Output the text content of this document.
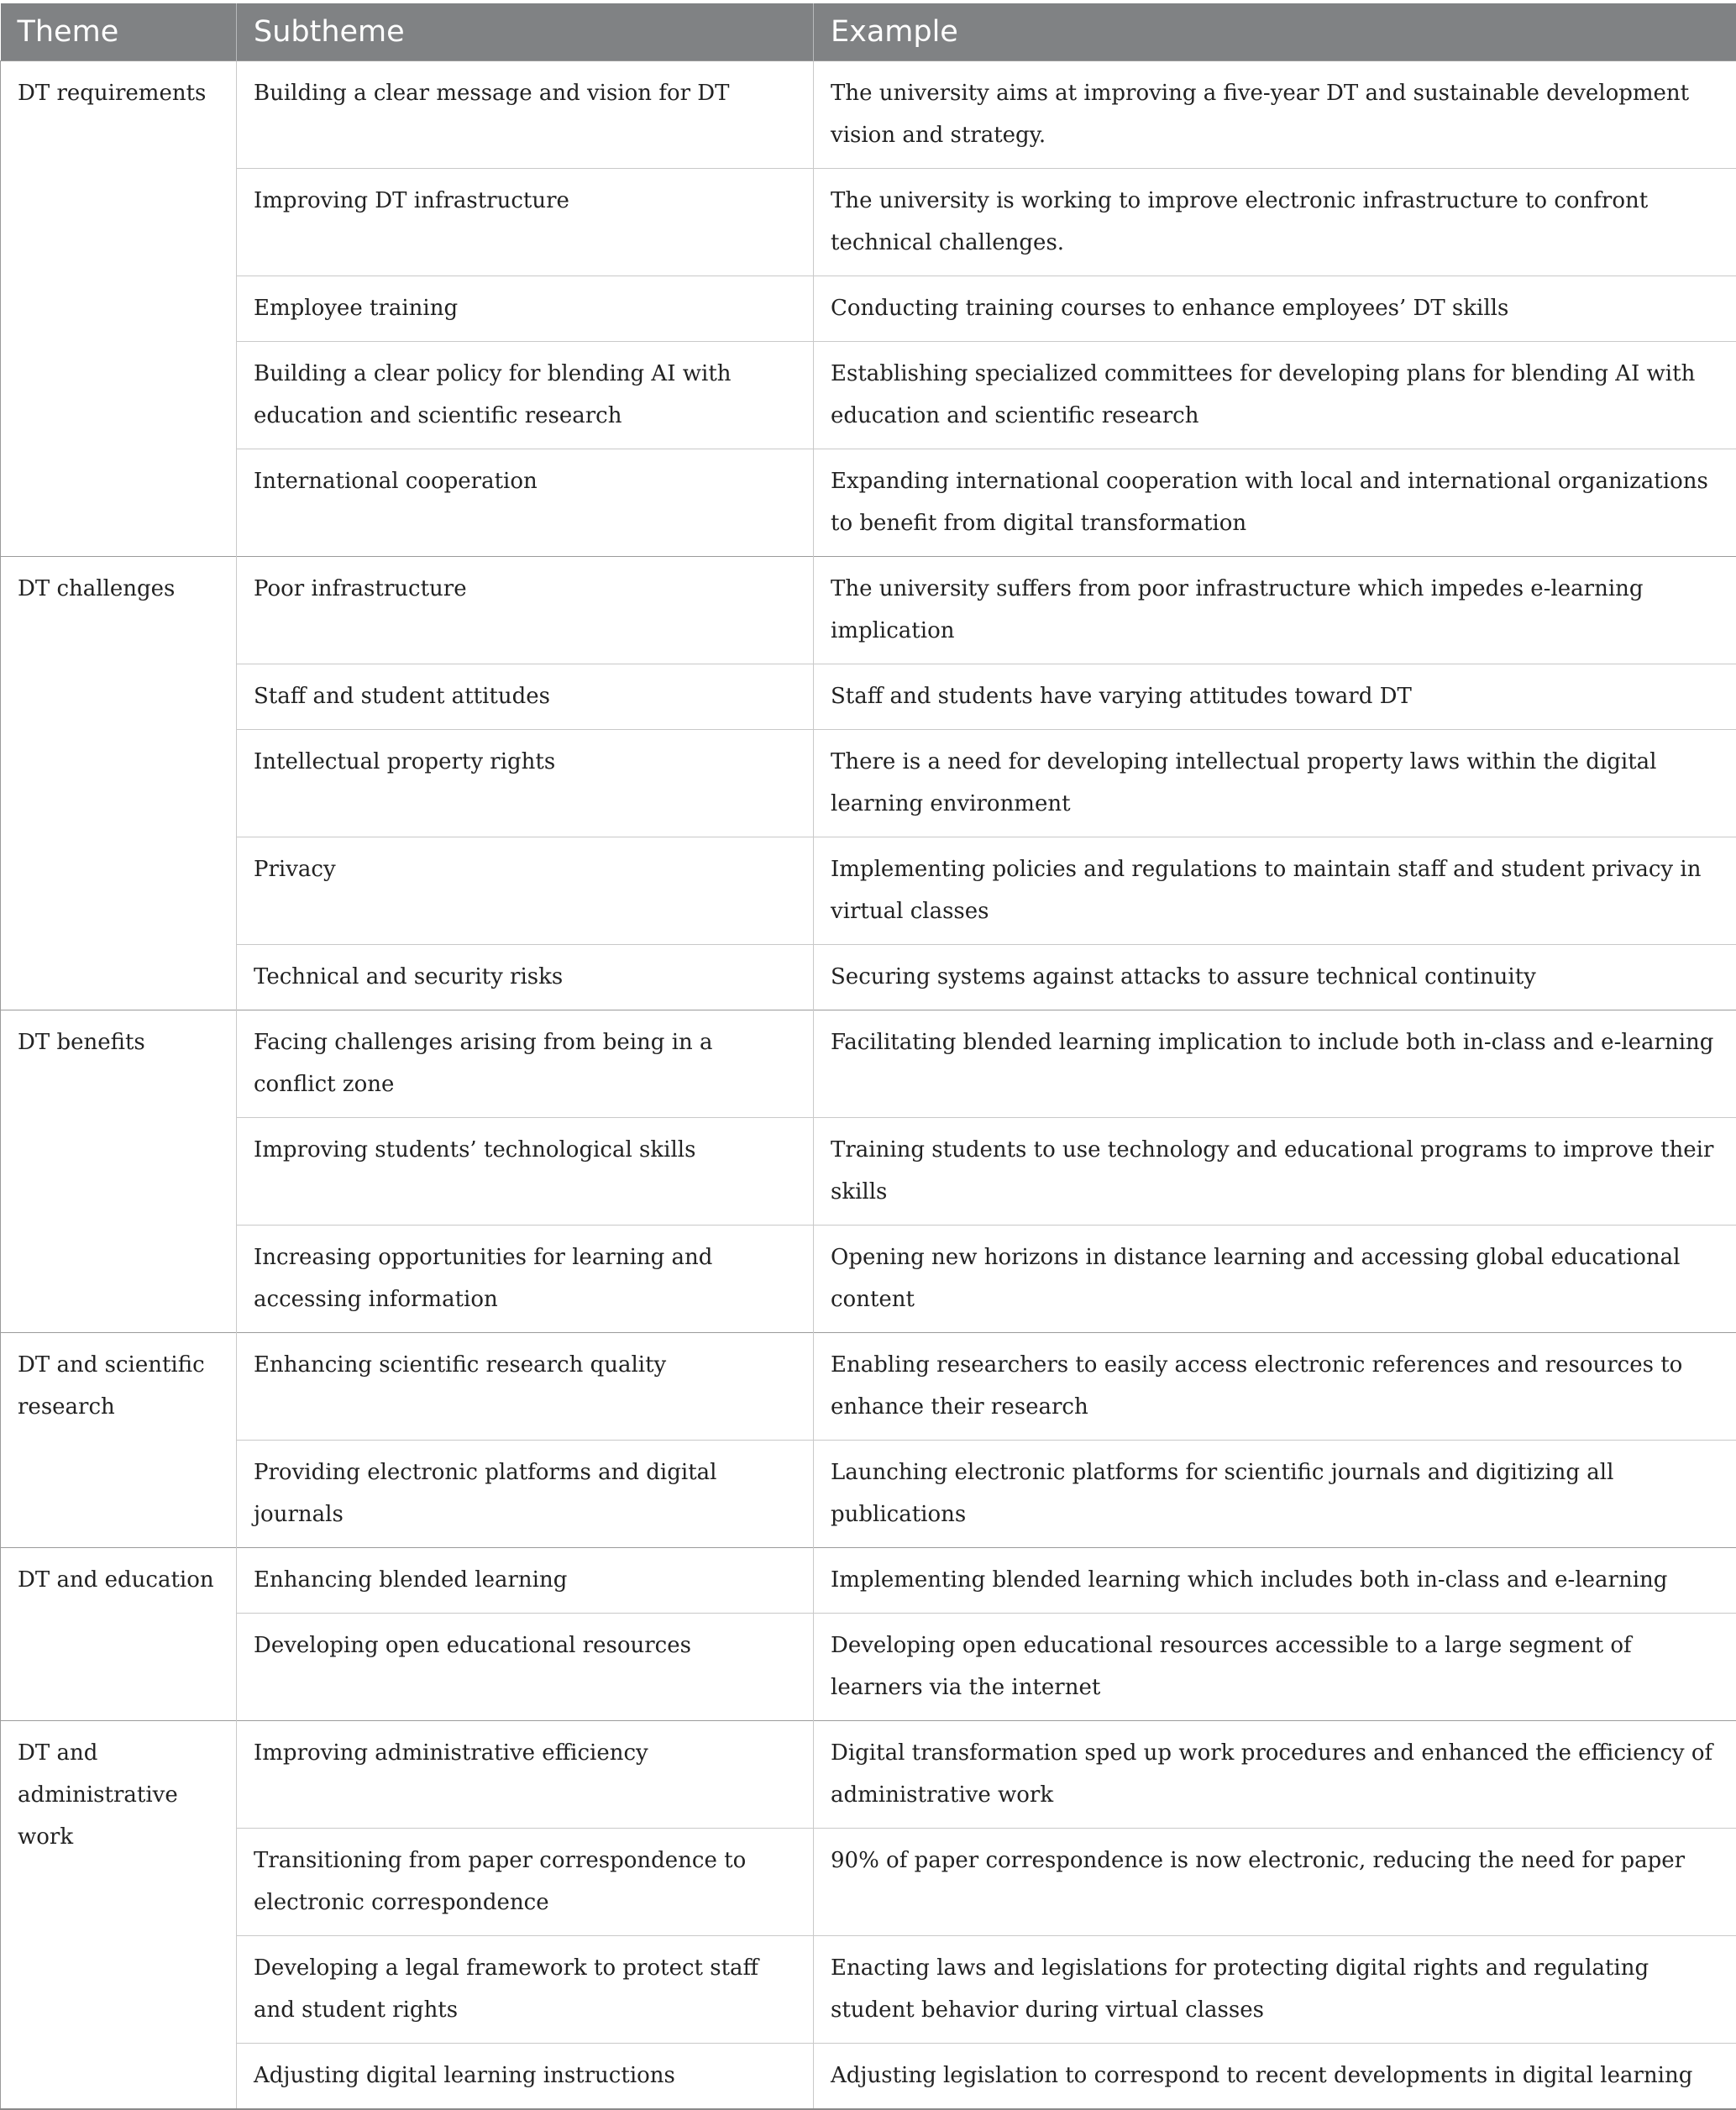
Theme	Subtheme	Example
DT requirements	Building a clear message and vision for DT	The university aims at improving a five-year DT and sustainable development vision and strategy.
	Improving DT infrastructure	The university is working to improve electronic infrastructure to confront technical challenges.
	Employee training	Conducting training courses to enhance employees’ DT skills
	Building a clear policy for blending AI with education and scientific research	Establishing specialized committees for developing plans for blending AI with education and scientific research
	International cooperation	Expanding international cooperation with local and international organizations to benefit from digital transformation
DT challenges	Poor infrastructure	The university suffers from poor infrastructure which impedes e-learning implication
	Staff and student attitudes	Staff and students have varying attitudes toward DT
	Intellectual property rights	There is a need for developing intellectual property laws within the digital learning environment
	Privacy	Implementing policies and regulations to maintain staff and student privacy in virtual classes
	Technical and security risks	Securing systems against attacks to assure technical continuity
DT benefits	Facing challenges arising from being in a conflict zone	Facilitating blended learning implication to include both in-class and e-learning
	Improving students’ technological skills	Training students to use technology and educational programs to improve their skills
	Increasing opportunities for learning and accessing information	Opening new horizons in distance learning and accessing global educational content
DT and scientific research	Enhancing scientific research quality	Enabling researchers to easily access electronic references and resources to enhance their research
	Providing electronic platforms and digital journals	Launching electronic platforms for scientific journals and digitizing all publications
DT and education	Enhancing blended learning	Implementing blended learning which includes both in-class and e-learning
	Developing open educational resources	Developing open educational resources accessible to a large segment of learners via the internet
DT and administrative work	Improving administrative efficiency	Digital transformation sped up work procedures and enhanced the efficiency of administrative work
	Transitioning from paper correspondence to electronic correspondence	90% of paper correspondence is now electronic, reducing the need for paper
	Developing a legal framework to protect staff and student rights	Enacting laws and legislations for protecting digital rights and regulating student behavior during virtual classes
	Adjusting digital learning instructions	Adjusting legislation to correspond to recent developments in digital learning
